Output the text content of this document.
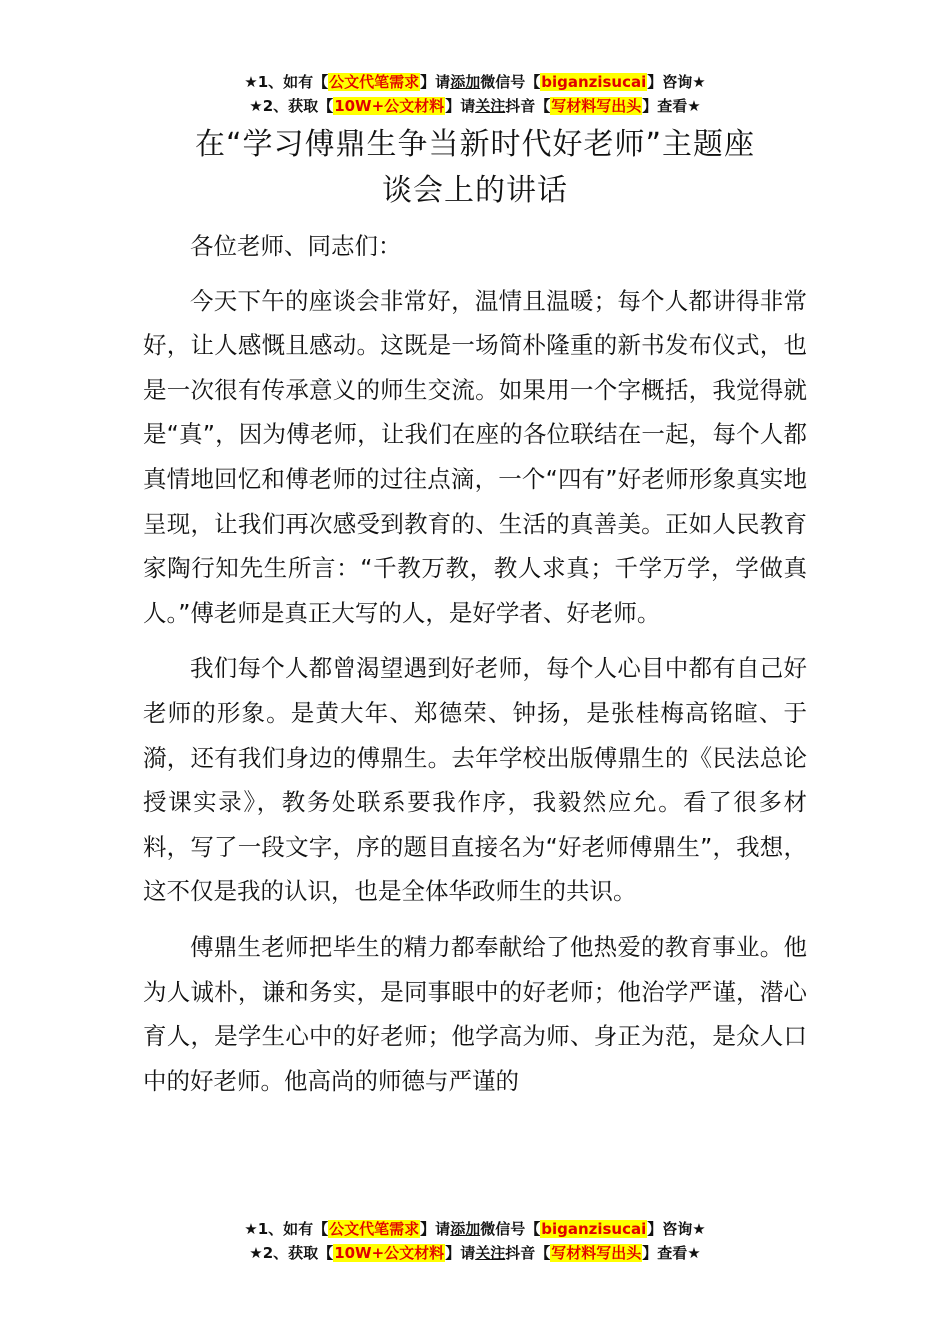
★1、如有【公文代笔需求】请添加微信号【biganzisucai】咨询★
★2、获取【10W+公文材料】请关注抖音【写材料写出头】查看★
在“学习傅鼎生争当新时代好老师”主题座
谈会上的讲话

各位老师、同志们：

今天下午的座谈会非常好，温情且温暖；每个人都讲得非常好，让人感慨且感动。这既是一场简朴隆重的新书发布仪式，也是一次很有传承意义的师生交流。如果用一个字概括，我觉得就是“真”，因为傅老师，让我们在座的各位联结在一起，每个人都真情地回忆和傅老师的过往点滴，一个“四有”好老师形象真实地呈现，让我们再次感受到教育的、生活的真善美。正如人民教育家陶行知先生所言：“千教万教，教人求真；千学万学，学做真人。”傅老师是真正大写的人，是好学者、好老师。

我们每个人都曾渴望遇到好老师，每个人心目中都有自己好老师的形象。是黄大年、郑德荣、钟扬，是张桂梅高铭暄、于漪，还有我们身边的傅鼎生。去年学校出版傅鼎生的《民法总论授课实录》，教务处联系要我作序，我毅然应允。看了很多材料，写了一段文字，序的题目直接名为“好老师傅鼎生”，我想，这不仅是我的认识，也是全体华政师生的共识。

傅鼎生老师把毕生的精力都奉献给了他热爱的教育事业。他为人诚朴，谦和务实，是同事眼中的好老师；他治学严谨，潜心育人，是学生心中的好老师；他学高为师、身正为范，是众人口中的好老师。他高尚的师德与严谨的

★1、如有【公文代笔需求】请添加微信号【biganzisucai】咨询★
★2、获取【10W+公文材料】请关注抖音【写材料写出头】查看★
